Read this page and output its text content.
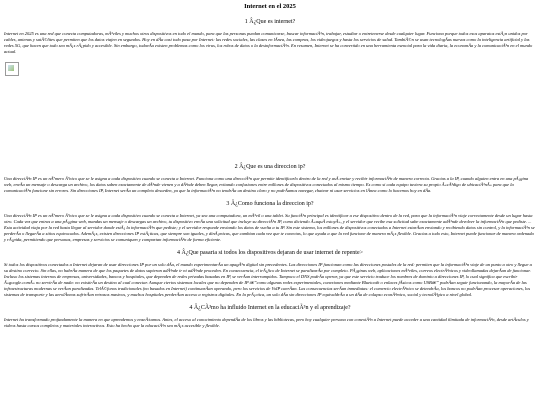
Internet en el 2025
1 Â¿Que es internet?

Internet en 2025 es una red que conecta computadoras, mÃ³viles y muchos otros dispositivos en todo el mundo, para que las personas puedan comunicarse, buscar informaciÃ³n, trabajar, estudiar o entretenerse desde cualquier lugar. Funciona porque todos esos aparatos estÃ¡n unidos por cables, antenas y satÃ©lites que permiten que los datos viajen en segundos. Hoy en dÃa casi todo pasa por Internet: las redes sociales, las clases en lÃnea, las compras, los videojuegos y hasta los servicios de salud. TambiÃ©n se usan tecnologÃas nuevas como la inteligencia artificial y las redes 5G, que hacen que todo sea mÃ¡s rÃ¡pido y accesible. Sin embargo, todavÃa existen problemas como los virus, los robos de datos o la desinformaciÃ³n. En resumen, Internet se ha convertido en una herramienta esencial para la vida diaria, la economÃa y la comunicaciÃ³n en el mundo actual.

2 Â¿Que es una direccion ip?

Una direcciÃ³n IP es un nÃºmero Ãºnico que se le asigna a cada dispositivo cuando se conecta a Internet. Funciona como una direcciÃ³n que permite identificarlo dentro de la red y asÃ enviar y recibir informaciÃ³n de manera correcta. Gracias a la IP, cuando alguien entra en una pÃ¡gina web, envÃa un mensaje o descarga un archivo, los datos saben exactamente de dÃ³nde vienen y a dÃ³nde deben llegar, evitando confusiones entre millones de dispositivos conectados al mismo tiempo. Es como si cada equipo tuviera su propio Â«cÃ³digo de ubicaciÃ³nÂ» para que la comunicaciÃ³n funcione sin errores. Sin direcciones IP, Internet serÃa un completo desorden, ya que la informaciÃ³n no tendrÃa un destino claro y no podrÃamos navegar, chatear ni usar servicios en lÃnea como lo hacemos hoy en dÃa.

3 Â¿Como funciona la direccion ip?

Una direcciÃ³n IP es un nÃºmero Ãºnico que se le asigna a cada dispositivo cuando se conecta a Internet, ya sea una computadora, un mÃ³vil o una tablet. Su funciÃ³n principal es identificar a ese dispositivo dentro de la red, para que la informaciÃ³n viaje correctamente desde un lugar hasta otro. Cada vez que entras a una pÃ¡gina web, mandas un mensaje o descargas un archivo, tu dispositivo envÃa una solicitud que incluye su direcciÃ³n IP, como diciendo Â«aquÃ estoyÂ», y el servidor que recibe esa solicitud sabe exactamente adÃ³nde devolver la informaciÃ³n que pediste. ... Esta actividad viaja por la red hasta llegar al servidor donde estÃ¡ la informaciÃ³n que pediste; y el servidor responde enviando los datos de vuelta a tu IP. Sin este sistema, los millones de dispositivos conectados a Internet estarÃan enviando y recibiendo datos sin control, y la informaciÃ³n se perderÃa o llegarÃa a sitios equivocados. AdemÃ¡s, existen direcciones IP estÃ¡ticas, que siempre son iguales, y dinÃ¡micas, que cambian cada vez que te conectas, lo que ayuda a que la red funcione de manera mÃ¡s flexible. Gracias a todo esto, Internet puede funcionar de manera ordenada y rÃ¡pida, permitiendo que personas, empresas y servicios se comuniquen y compartan informaciÃ³n de forma eficiente.

4 Â¿Que pasaria si todos los dispositivos dejaran de usar internet de repente>

Si todos los dispositivos conectados a Internet dejaran de usar direcciones IP por un solo dÃa, el mundo experimentarÃa un apagÃ³n digital sin precedentes. Las direcciones IP funcionan como las direcciones postales de la red: permiten que la informaciÃ³n viaje de un punto a otro y llegue a su destino correcto. Sin ellas, no habrÃa manera de que los paquetes de datos supieran adÃ³nde ir ni adÃ³nde proceden. En consecuencia, el trÃ¡fico de Internet se paralizarÃa por completo. PÃ¡ginas web, aplicaciones mÃ³viles, correos electrÃ³nicos y videollamadas dejarÃan de funcionar. Incluso los sistemas internos de empresas, universidades, bancos y hospitales, que dependen de redes privadas basadas en IP, se verÃan interrumpidos. Tampoco el DNS podrÃa operar, ya que este servicio traduce los nombres de dominio a direcciones IP, lo cual significa que escribir Â«google.comÂ» no servirÃa de nada: no existirÃa un destino al cual conectar. Aunque ciertos sistemas locales que no dependen de IP â€”como algunas redes experimentales, conexiones mediante Bluetooth o enlaces fÃsicos como USBâ€” podrÃan seguir funcionando, la mayorÃa de las infraestructuras modernas se verÃan paralizadas. TelÃ©fonos tradicionales (no basados en Internet) continuarÃan operando, pero los servicios de VoIP caerÃan. Las consecuencias serÃan inmediatas: el comercio electrÃ³nico se detendrÃa, los bancos no podrÃan procesar operaciones, los sistemas de transporte y las aerolÃneas sufrirÃan retrasos masivos, y muchos hospitales perderÃan acceso a registros digitales. En la prÃ¡ctica, un solo dÃa sin direcciones IP equivaldrÃa a un dÃa de colapso econÃ³mico, social y tecnolÃ³gico a nivel global.

4 Â¿CÃ³mo ha influido Internet en la educaciÃ³n y el aprendizaje?

Internet ha transformado profundamente la manera en que aprendemos y enseÃ±amos. Antes, el acceso al conocimiento dependÃa de los libros y las bibliotecas, pero hoy cualquier persona con conexiÃ³n a Internet puede acceder a una cantidad ilimitada de informaciÃ³n, desde artÃculos y videos hasta cursos completos y materiales interactivos. Esto ha hecho que la educaciÃ³n sea mÃ¡s accesible y flexible.
